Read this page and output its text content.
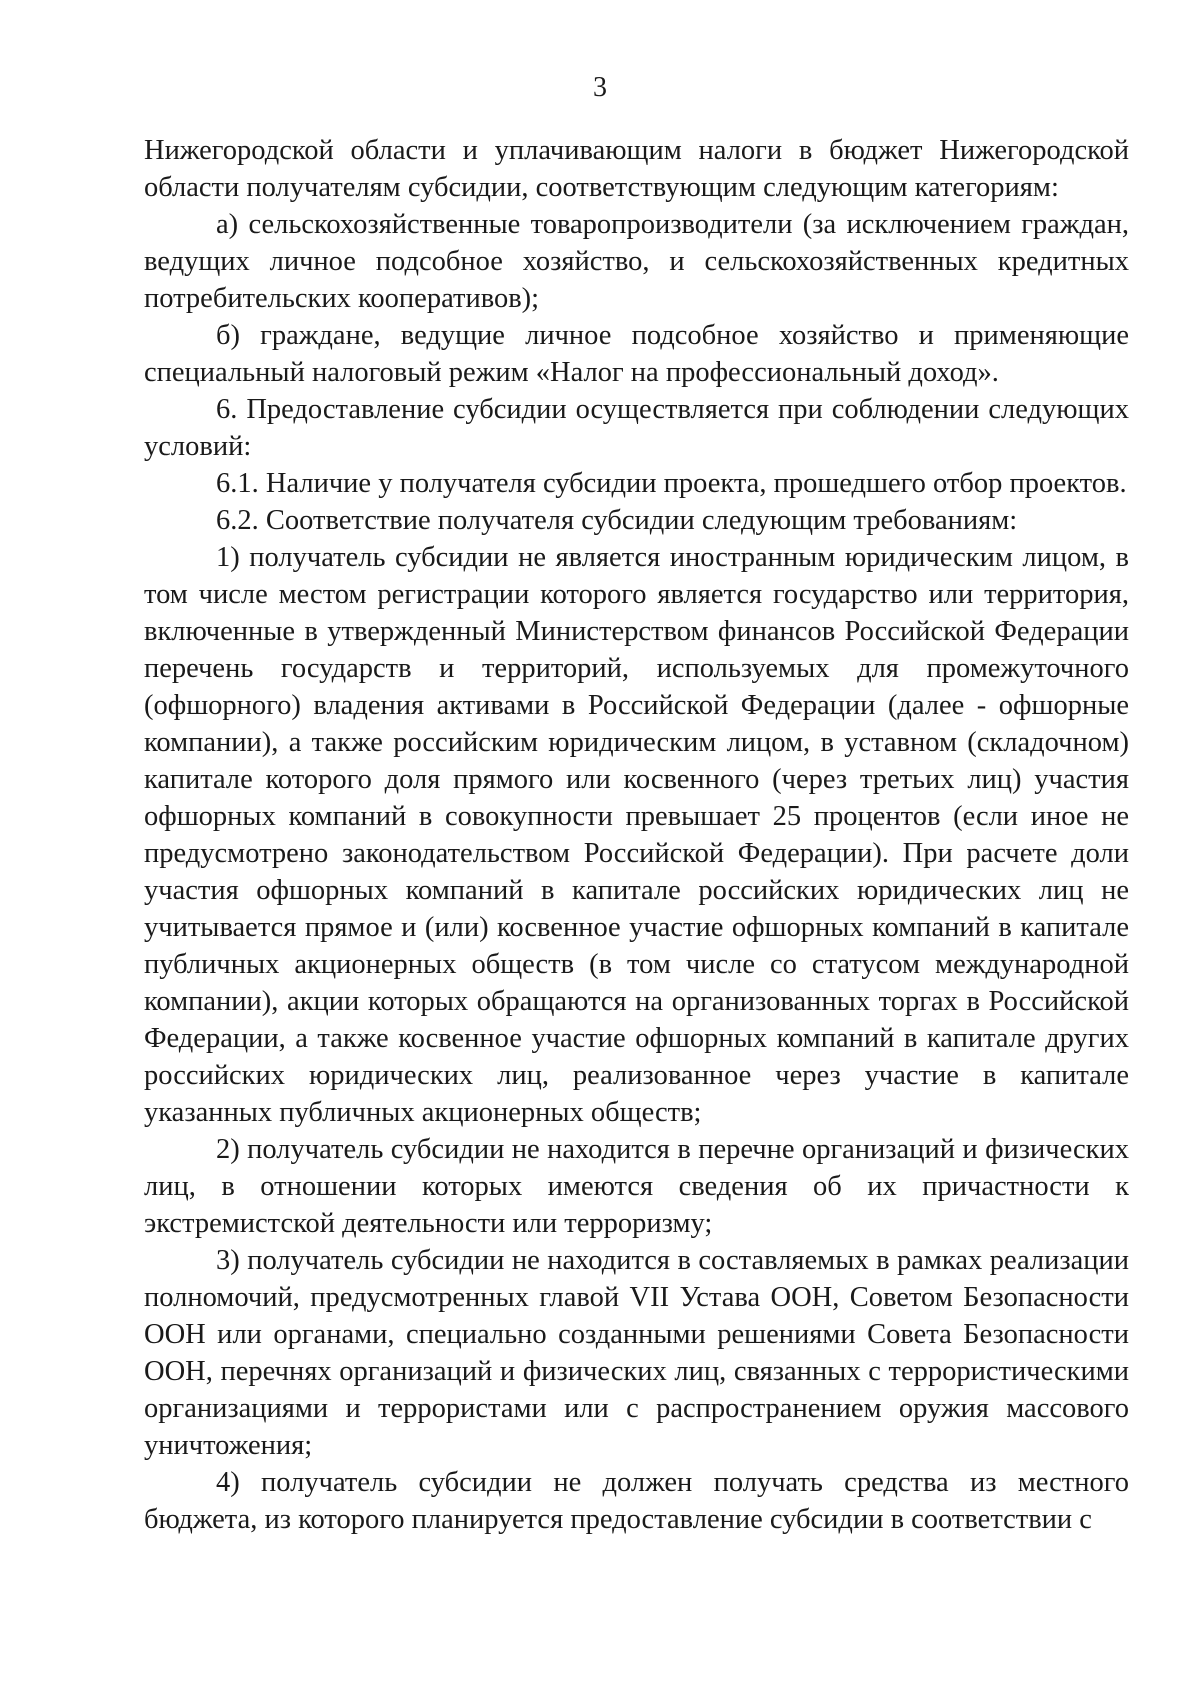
3

Нижегородской области и уплачивающим налоги в бюджет Нижегородской области получателям субсидии, соответствующим следующим категориям:

а) сельскохозяйственные товаропроизводители (за исключением граждан, ведущих личное подсобное хозяйство, и сельскохозяйственных кредитных потребительских кооперативов);

б) граждане, ведущие личное подсобное хозяйство и применяющие специальный налоговый режим «Налог на профессиональный доход».

6. Предоставление субсидии осуществляется при соблюдении следующих условий:

6.1. Наличие у получателя субсидии проекта, прошедшего отбор проектов.

6.2. Соответствие получателя субсидии следующим требованиям:

1) получатель субсидии не является иностранным юридическим лицом, в том числе местом регистрации которого является государство или территория, включенные в утвержденный Министерством финансов Российской Федерации перечень государств и территорий, используемых для промежуточного (офшорного) владения активами в Российской Федерации (далее - офшорные компании), а также российским юридическим лицом, в уставном (складочном) капитале которого доля прямого или косвенного (через третьих лиц) участия офшорных компаний в совокупности превышает 25 процентов (если иное не предусмотрено законодательством Российской Федерации). При расчете доли участия офшорных компаний в капитале российских юридических лиц не учитывается прямое и (или) косвенное участие офшорных компаний в капитале публичных акционерных обществ (в том числе со статусом международной компании), акции которых обращаются на организованных торгах в Российской Федерации, а также косвенное участие офшорных компаний в капитале других российских юридических лиц, реализованное через участие в капитале указанных публичных акционерных обществ;

2) получатель субсидии не находится в перечне организаций и физических лиц, в отношении которых имеются сведения об их причастности к экстремистской деятельности или терроризму;

3) получатель субсидии не находится в составляемых в рамках реализации полномочий, предусмотренных главой VII Устава ООН, Советом Безопасности ООН или органами, специально созданными решениями Совета Безопасности ООН, перечнях организаций и физических лиц, связанных с террористическими организациями и террористами или с распространением оружия массового уничтожения;

4) получатель субсидии не должен получать средства из местного бюджета, из которого планируется предоставление субсидии в соответствии с
